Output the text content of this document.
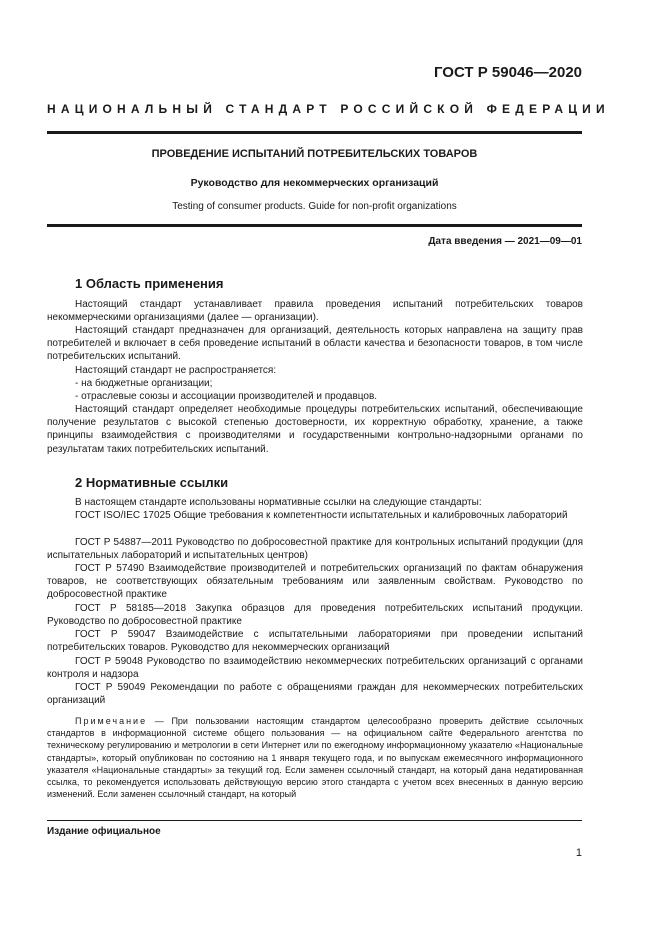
ГОСТ Р 59046—2020
НАЦИОНАЛЬНЫЙ СТАНДАРТ РОССИЙСКОЙ ФЕДЕРАЦИИ
ПРОВЕДЕНИЕ ИСПЫТАНИЙ ПОТРЕБИТЕЛЬСКИХ ТОВАРОВ
Руководство для некоммерческих организаций
Testing of consumer products. Guide for non-profit organizations
Дата введения — 2021—09—01
1 Область применения

Настоящий стандарт устанавливает правила проведения испытаний потребительских товаров некоммерческими организациями (далее — организации).

Настоящий стандарт предназначен для организаций, деятельность которых направлена на защиту прав потребителей и включает в себя проведение испытаний в области качества и безопасности товаров, в том числе потребительских испытаний.

Настоящий стандарт не распространяется:

- на бюджетные организации;
- отраслевые союзы и ассоциации производителей и продавцов.

Настоящий стандарт определяет необходимые процедуры потребительских испытаний, обеспечивающие получение результатов с высокой степенью достоверности, их корректную обработку, хранение, а также принципы взаимодействия с производителями и государственными контрольно-надзорными органами по результатам таких потребительских испытаний.

2 Нормативные ссылки

В настоящем стандарте использованы нормативные ссылки на следующие стандарты:

ГОСТ ISO/IEC 17025 Общие требования к компетентности испытательных и калибровочных лабораторий

ГОСТ Р 54887—2011 Руководство по добросовестной практике для контрольных испытаний продукции (для испытательных лабораторий и испытательных центров)

ГОСТ Р 57490 Взаимодействие производителей и потребительских организаций по фактам обнаружения товаров, не соответствующих обязательным требованиям или заявленным свойствам. Руководство по добросовестной практике

ГОСТ Р 58185—2018 Закупка образцов для проведения потребительских испытаний продукции. Руководство по добросовестной практике

ГОСТ Р 59047 Взаимодействие с испытательными лабораториями при проведении испытаний потребительских товаров. Руководство для некоммерческих организаций

ГОСТ Р 59048 Руководство по взаимодействию некоммерческих потребительских организаций с органами контроля и надзора

ГОСТ Р 59049 Рекомендации по работе с обращениями граждан для некоммерческих потребительских организаций

Примечание — При пользовании настоящим стандартом целесообразно проверить действие ссылочных стандартов в информационной системе общего пользования — на официальном сайте Федерального агентства по техническому регулированию и метрологии в сети Интернет или по ежегодному информационному указателю «Национальные стандарты», который опубликован по состоянию на 1 января текущего года, и по выпускам ежемесячного информационного указателя «Национальные стандарты» за текущий год. Если заменен ссылочный стандарт, на который дана недатированная ссылка, то рекомендуется использовать действующую версию этого стандарта с учетом всех внесенных в данную версию изменений. Если заменен ссылочный стандарт, на который

Издание официальное
1
